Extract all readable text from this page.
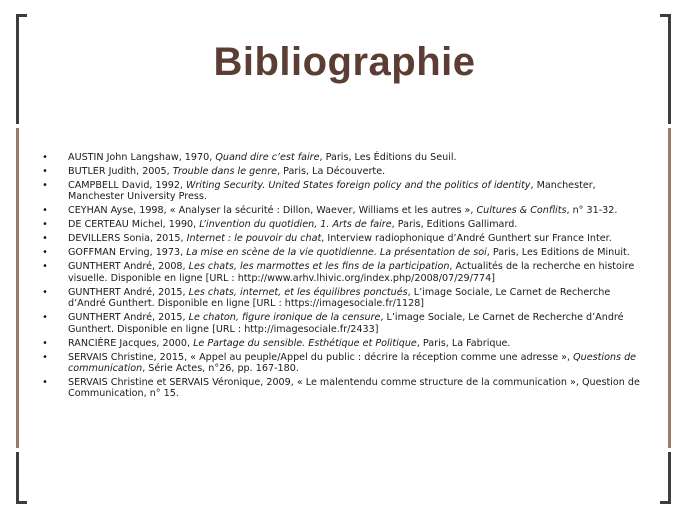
Bibliographie
• AUSTIN John Langshaw, 1970, Quand dire c’est faire, Paris, Les Éditions du Seuil.
• BUTLER Judith, 2005, Trouble dans le genre, Paris, La Découverte.
• CAMPBELL David, 1992, Writing Security. United States foreign policy and the politics of identity, Manchester, Manchester University Press.
• CEYHAN Ayse, 1998, « Analyser la sécurité : Dillon, Waever, Williams et les autres », Cultures & Conflits, n° 31-32.
• DE CERTEAU Michel, 1990, L’invention du quotidien, 1. Arts de faire, Paris, Editions Gallimard.
• DEVILLERS Sonia, 2015, Internet : le pouvoir du chat, Interview radiophonique d’André Gunthert sur France Inter.
• GOFFMAN Erving, 1973, La mise en scène de la vie quotidienne. La présentation de soi, Paris, Les Editions de Minuit.
• GUNTHERT André, 2008, Les chats, les marmottes et les fins de la participation, Actualités de la recherche en histoire visuelle. Disponible en ligne [URL : http://www.arhv.lhivic.org/index.php/2008/07/29/774]
• GUNTHERT André, 2015, Les chats, internet, et les équilibres ponctués, L’image Sociale, Le Carnet de Recherche d’André Gunthert. Disponible en ligne [URL : https://imagesociale.fr/1128]
• GUNTHERT André, 2015, Le chaton, figure ironique de la censure, L’image Sociale, Le Carnet de Recherche d’André Gunthert. Disponible en ligne [URL : http://imagesociale.fr/2433]
• RANCIÈRE Jacques, 2000, Le Partage du sensible. Esthétique et Politique, Paris, La Fabrique.
• SERVAIS Christine, 2015, « Appel au peuple/Appel du public : décrire la réception comme une adresse », Questions de communication, Série Actes, n°26, pp. 167-180.
• SERVAIS Christine et SERVAIS Véronique, 2009, « Le malentendu comme structure de la communication », Question de Communication, n° 15.
